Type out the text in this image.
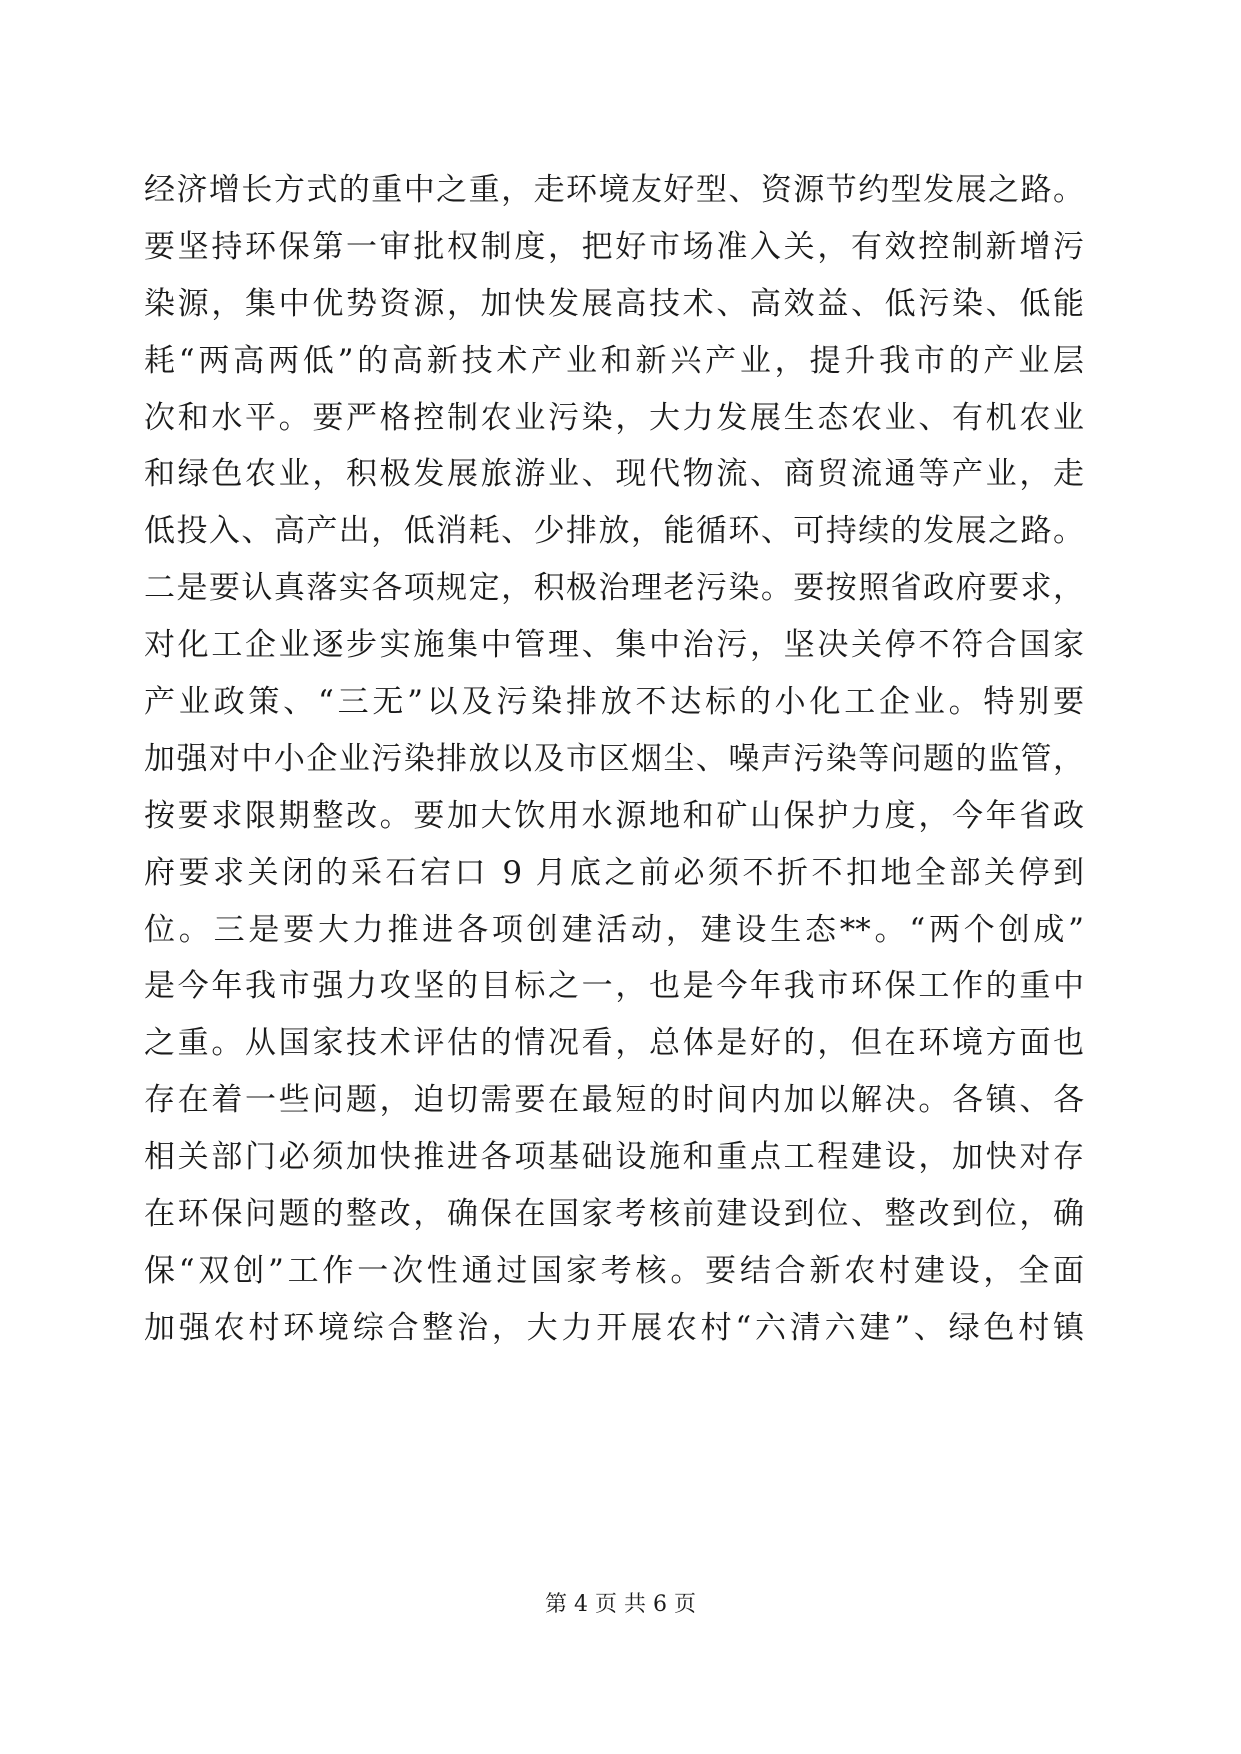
经济增长方式的重中之重，走环境友好型、资源节约型发展之路。
要坚持环保第一审批权制度，把好市场准入关，有效控制新增污
染源，集中优势资源，加快发展高技术、高效益、低污染、低能
耗“两高两低”的高新技术产业和新兴产业，提升我市的产业层
次和水平。要严格控制农业污染，大力发展生态农业、有机农业
和绿色农业，积极发展旅游业、现代物流、商贸流通等产业，走
低投入、高产出，低消耗、少排放，能循环、可持续的发展之路。
二是要认真落实各项规定，积极治理老污染。要按照省政府要求，
对化工企业逐步实施集中管理、集中治污，坚决关停不符合国家
产业政策、“三无”以及污染排放不达标的小化工企业。特别要
加强对中小企业污染排放以及市区烟尘、噪声污染等问题的监管，
按要求限期整改。要加大饮用水源地和矿山保护力度，今年省政
府要求关闭的采石宕口 9 月底之前必须不折不扣地全部关停到
位。三是要大力推进各项创建活动，建设生态**。“两个创成”
是今年我市强力攻坚的目标之一，也是今年我市环保工作的重中
之重。从国家技术评估的情况看，总体是好的，但在环境方面也
存在着一些问题，迫切需要在最短的时间内加以解决。各镇、各
相关部门必须加快推进各项基础设施和重点工程建设，加快对存
在环保问题的整改，确保在国家考核前建设到位、整改到位，确
保“双创”工作一次性通过国家考核。要结合新农村建设，全面
加强农村环境综合整治，大力开展农村“六清六建”、绿色村镇
第 4 页 共 6 页
